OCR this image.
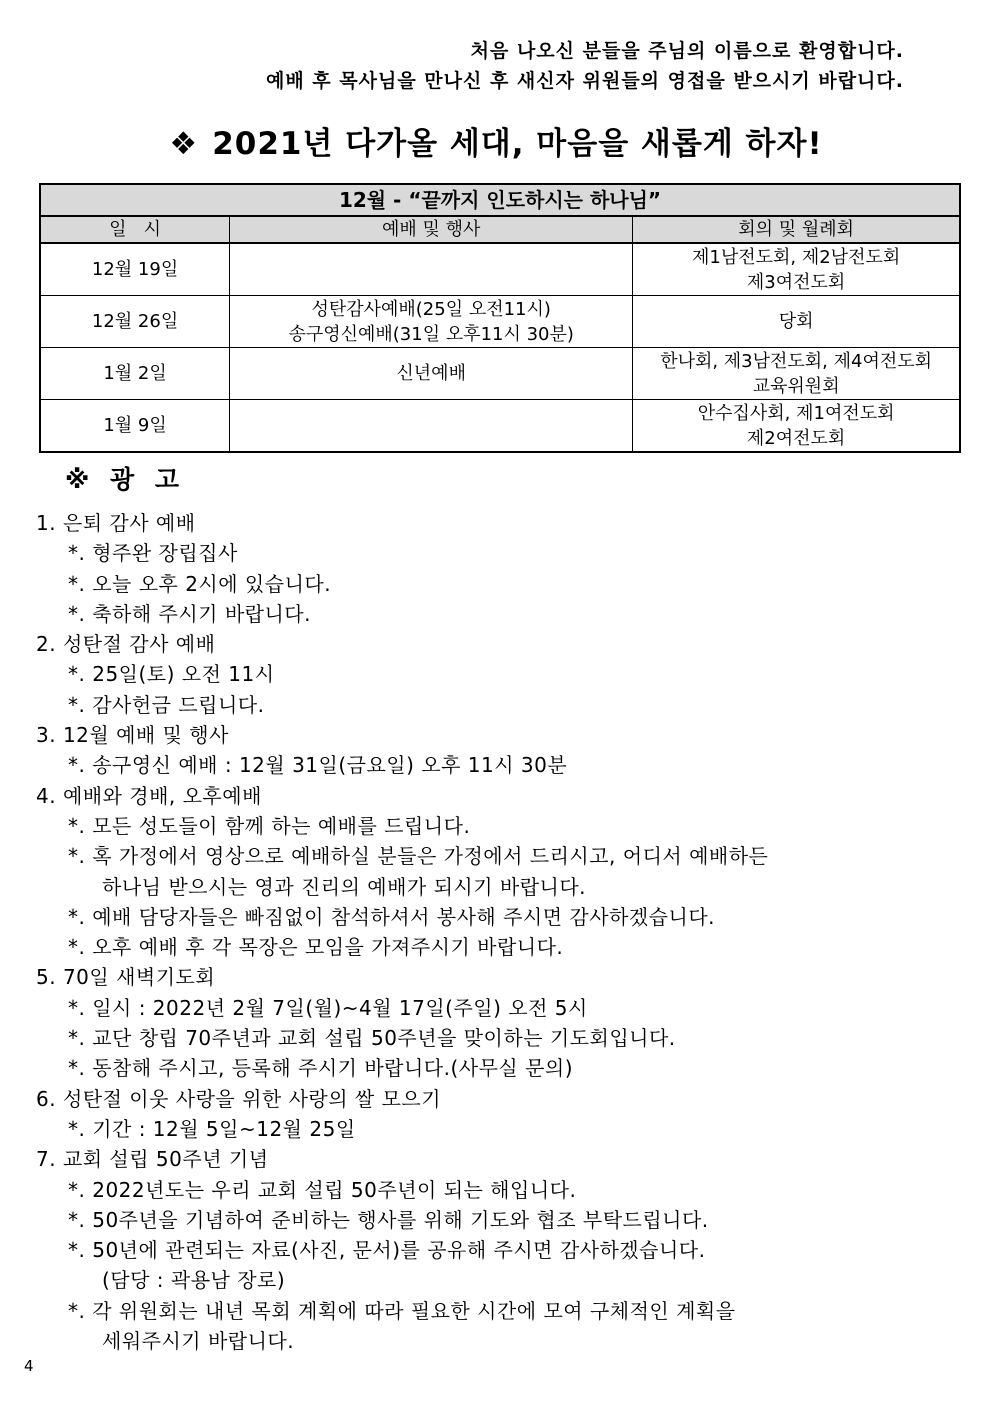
처음 나오신 분들을 주님의 이름으로 환영합니다.
예배 후 목사님을 만나신 후 새신자 위원들의 영접을 받으시기 바랍니다.
❖ 2021년 다가올 세대, 마음을 새롭게 하자!
12월 - “끝까지 인도하시는 하나님”		
일   시	예배 및 행사	회의 및 월례회

12월 19일		제1남전도회, 제2남전도회
제3여전도회

12월 26일	성탄감사예배(25일 오전11시)
송구영신예배(31일 오후11시 30분)	당회

1월 2일	신년예배	한나회, 제3남전도회, 제4여전도회
교육위원회

1월 9일		안수집사회, 제1여전도회
제2여전도회
※ 광 고
1. 은퇴 감사 예배
*. 형주완 장립집사
*. 오늘 오후 2시에 있습니다.
*. 축하해 주시기 바랍니다.
2. 성탄절 감사 예배
*. 25일(토) 오전 11시
*. 감사헌금 드립니다.
3. 12월 예배 및 행사
*. 송구영신 예배 : 12월 31일(금요일) 오후 11시 30분
4. 예배와 경배, 오후예배
*. 모든 성도들이 함께 하는 예배를 드립니다.
*. 혹 가정에서 영상으로 예배하실 분들은 가정에서 드리시고, 어디서 예배하든
하나님 받으시는 영과 진리의 예배가 되시기 바랍니다.
*. 예배 담당자들은 빠짐없이 참석하셔서 봉사해 주시면 감사하겠습니다.
*. 오후 예배 후 각 목장은 모임을 가져주시기 바랍니다.
5. 70일 새벽기도회
*. 일시 : 2022년 2월 7일(월)~4월 17일(주일) 오전 5시
*. 교단 창립 70주년과 교회 설립 50주년을 맞이하는 기도회입니다.
*. 동참해 주시고, 등록해 주시기 바랍니다.(사무실 문의)
6. 성탄절 이웃 사랑을 위한 사랑의 쌀 모으기
*. 기간 : 12월 5일~12월 25일
7. 교회 설립 50주년 기념
*. 2022년도는 우리 교회 설립 50주년이 되는 해입니다.
*. 50주년을 기념하여 준비하는 행사를 위해 기도와 협조 부탁드립니다.
*. 50년에 관련되는 자료(사진, 문서)를 공유해 주시면 감사하겠습니다.
(담당 : 곽용남 장로)
*. 각 위원회는 내년 목회 계획에 따라 필요한 시간에 모여 구체적인 계획을
세워주시기 바랍니다.
4
